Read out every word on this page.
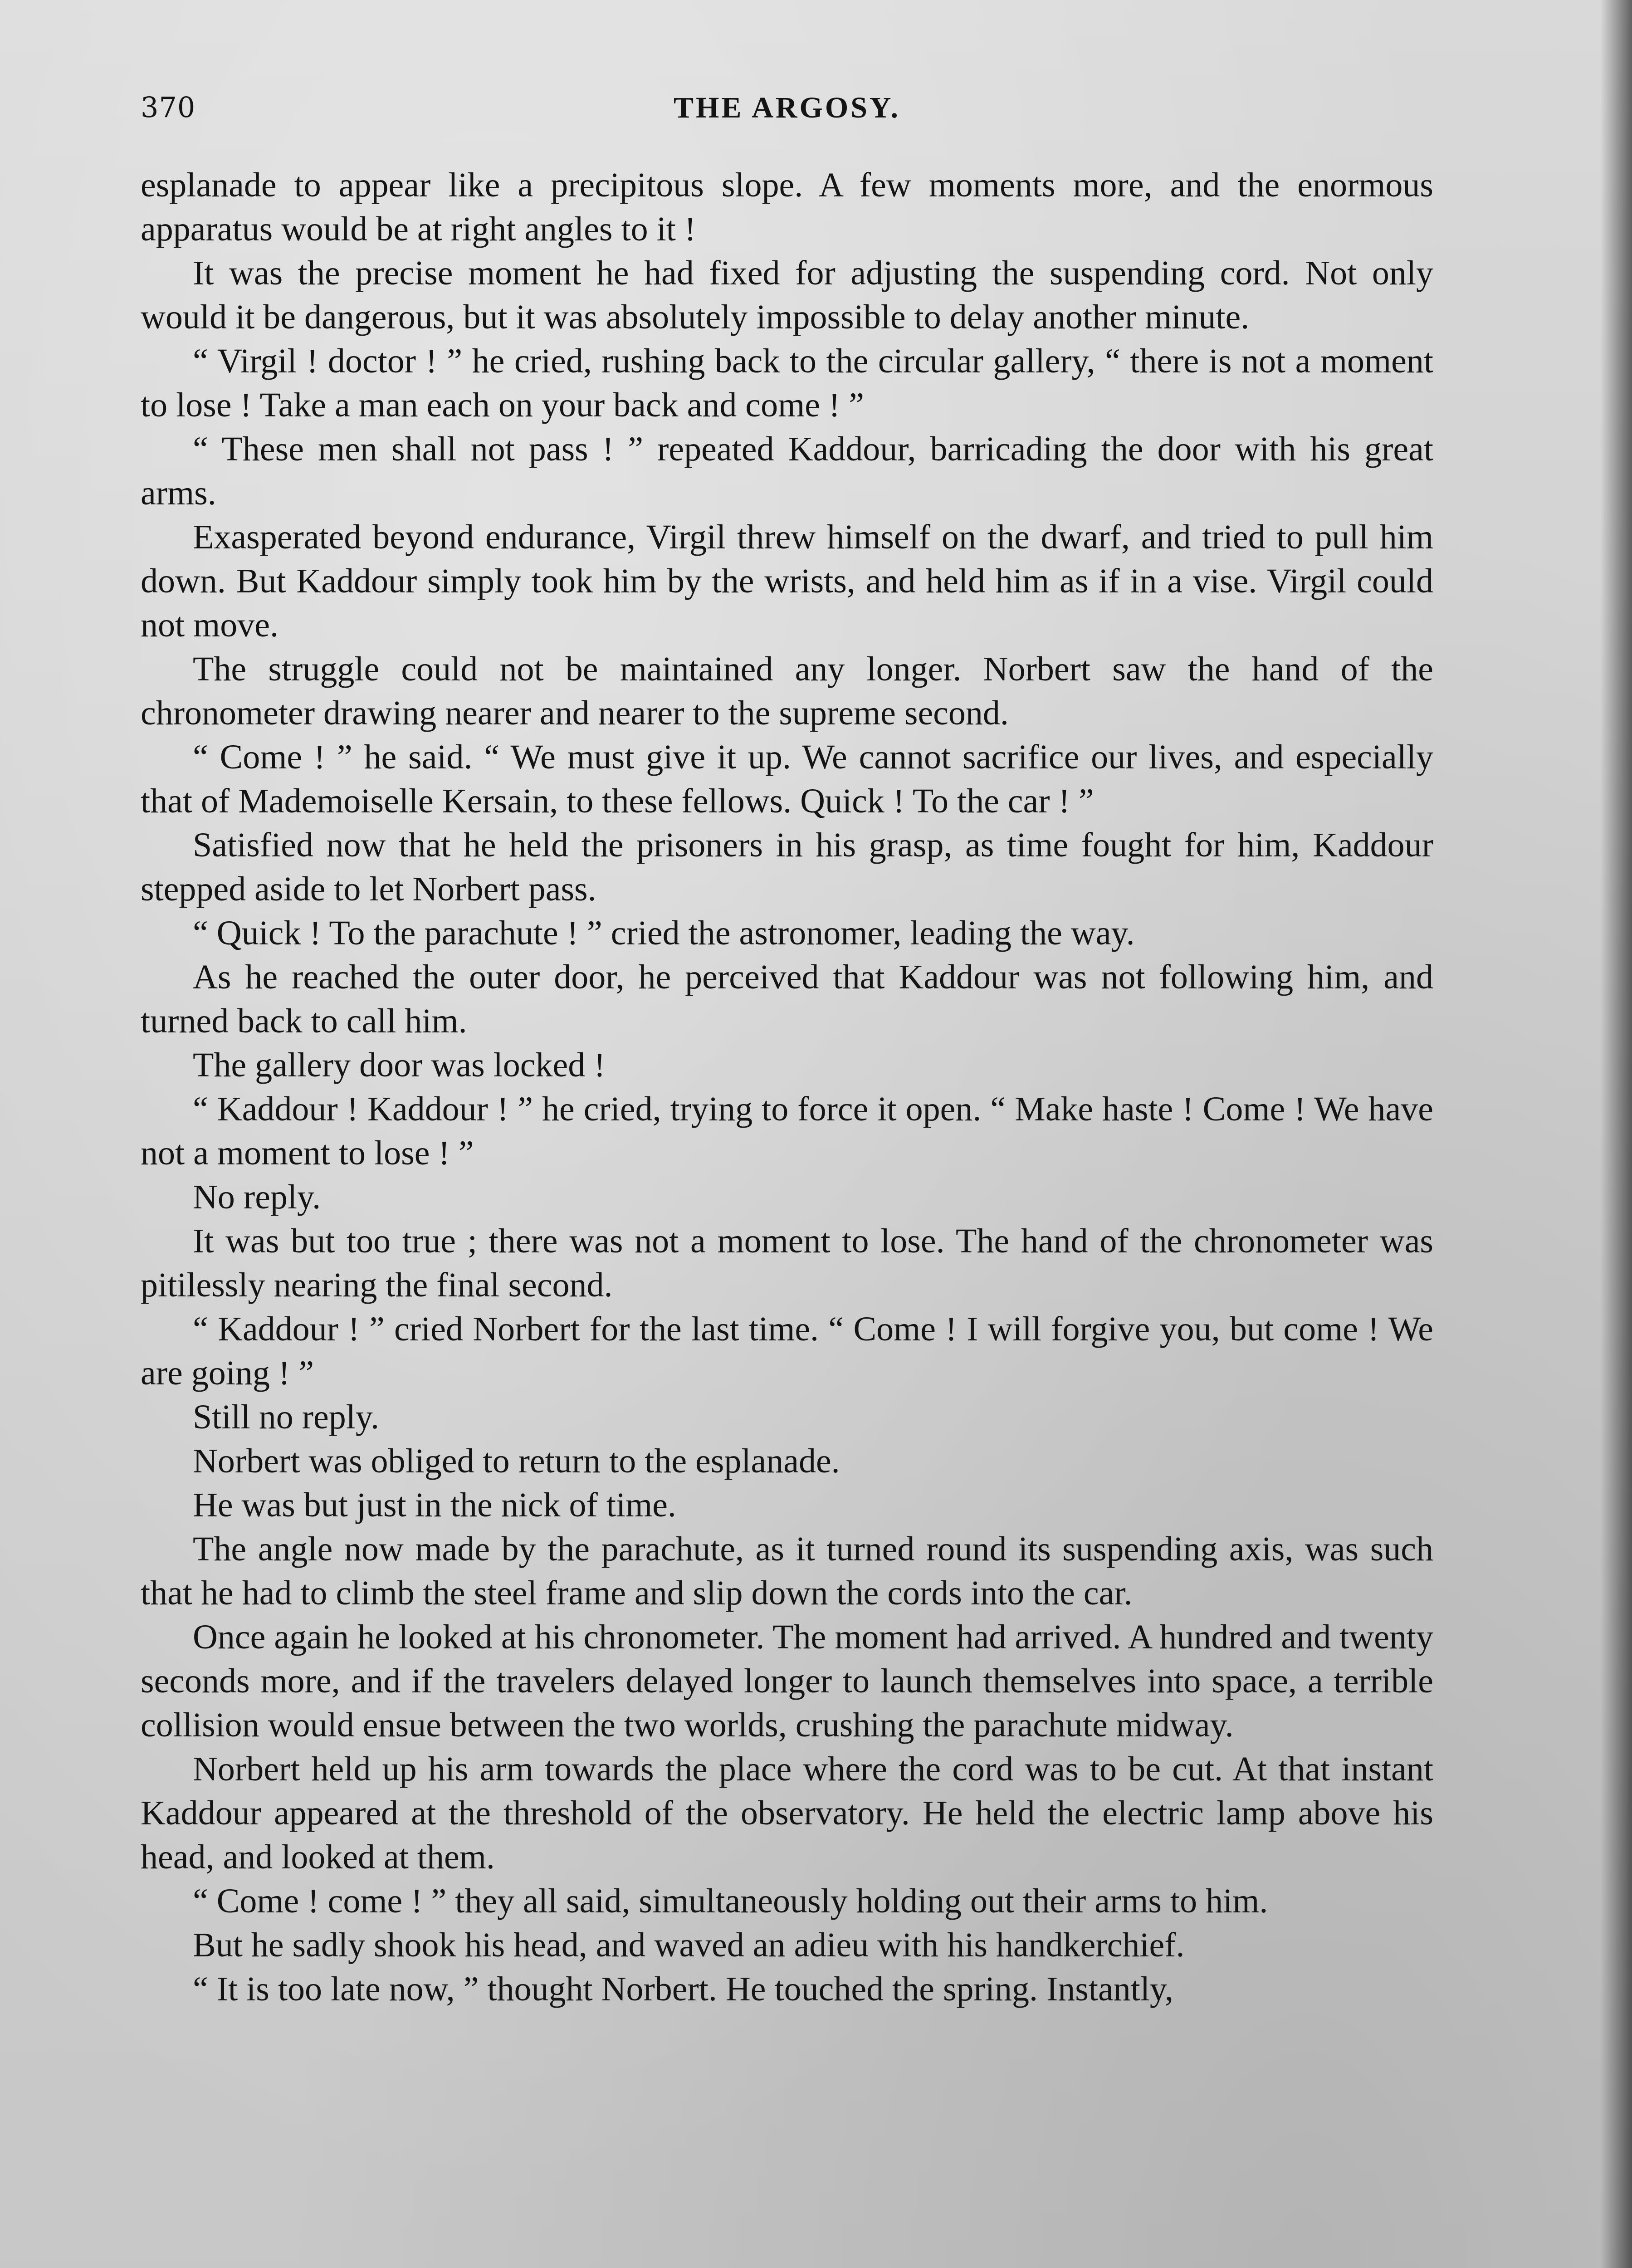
370	THE ARGOSY.

esplanade to appear like a precipitous slope. A few moments more, and the enormous apparatus would be at right angles to it !

It was the precise moment he had fixed for adjusting the suspending cord. Not only would it be dangerous, but it was absolutely impossible to delay another minute.

“ Virgil ! doctor ! ” he cried, rushing back to the circular gallery, “ there is not a moment to lose ! Take a man each on your back and come ! ”

“ These men shall not pass ! ” repeated Kaddour, barricading the door with his great arms.

Exasperated beyond endurance, Virgil threw himself on the dwarf, and tried to pull him down. But Kaddour simply took him by the wrists, and held him as if in a vise. Virgil could not move.

The struggle could not be maintained any longer. Norbert saw the hand of the chronometer drawing nearer and nearer to the supreme second.

“ Come ! ” he said. “ We must give it up. We cannot sacrifice our lives, and especially that of Mademoiselle Kersain, to these fellows. Quick ! To the car ! ”

Satisfied now that he held the prisoners in his grasp, as time fought for him, Kaddour stepped aside to let Norbert pass.

“ Quick ! To the parachute ! ” cried the astronomer, leading the way.

As he reached the outer door, he perceived that Kaddour was not following him, and turned back to call him.

The gallery door was locked !

“ Kaddour ! Kaddour ! ” he cried, trying to force it open. “ Make haste ! Come ! We have not a moment to lose ! ”

No reply.

It was but too true ; there was not a moment to lose. The hand of the chronometer was pitilessly nearing the final second.

“ Kaddour ! ” cried Norbert for the last time. “ Come ! I will forgive you, but come ! We are going ! ”

Still no reply.

Norbert was obliged to return to the esplanade.

He was but just in the nick of time.

The angle now made by the parachute, as it turned round its suspending axis, was such that he had to climb the steel frame and slip down the cords into the car.

Once again he looked at his chronometer. The moment had arrived. A hundred and twenty seconds more, and if the travelers delayed longer to launch themselves into space, a terrible collision would ensue between the two worlds, crushing the parachute midway.

Norbert held up his arm towards the place where the cord was to be cut. At that instant Kaddour appeared at the threshold of the observatory. He held the electric lamp above his head, and looked at them.

“ Come ! come ! ” they all said, simultaneously holding out their arms to him.

But he sadly shook his head, and waved an adieu with his handkerchief.

“ It is too late now, ” thought Norbert. He touched the spring. Instantly,
